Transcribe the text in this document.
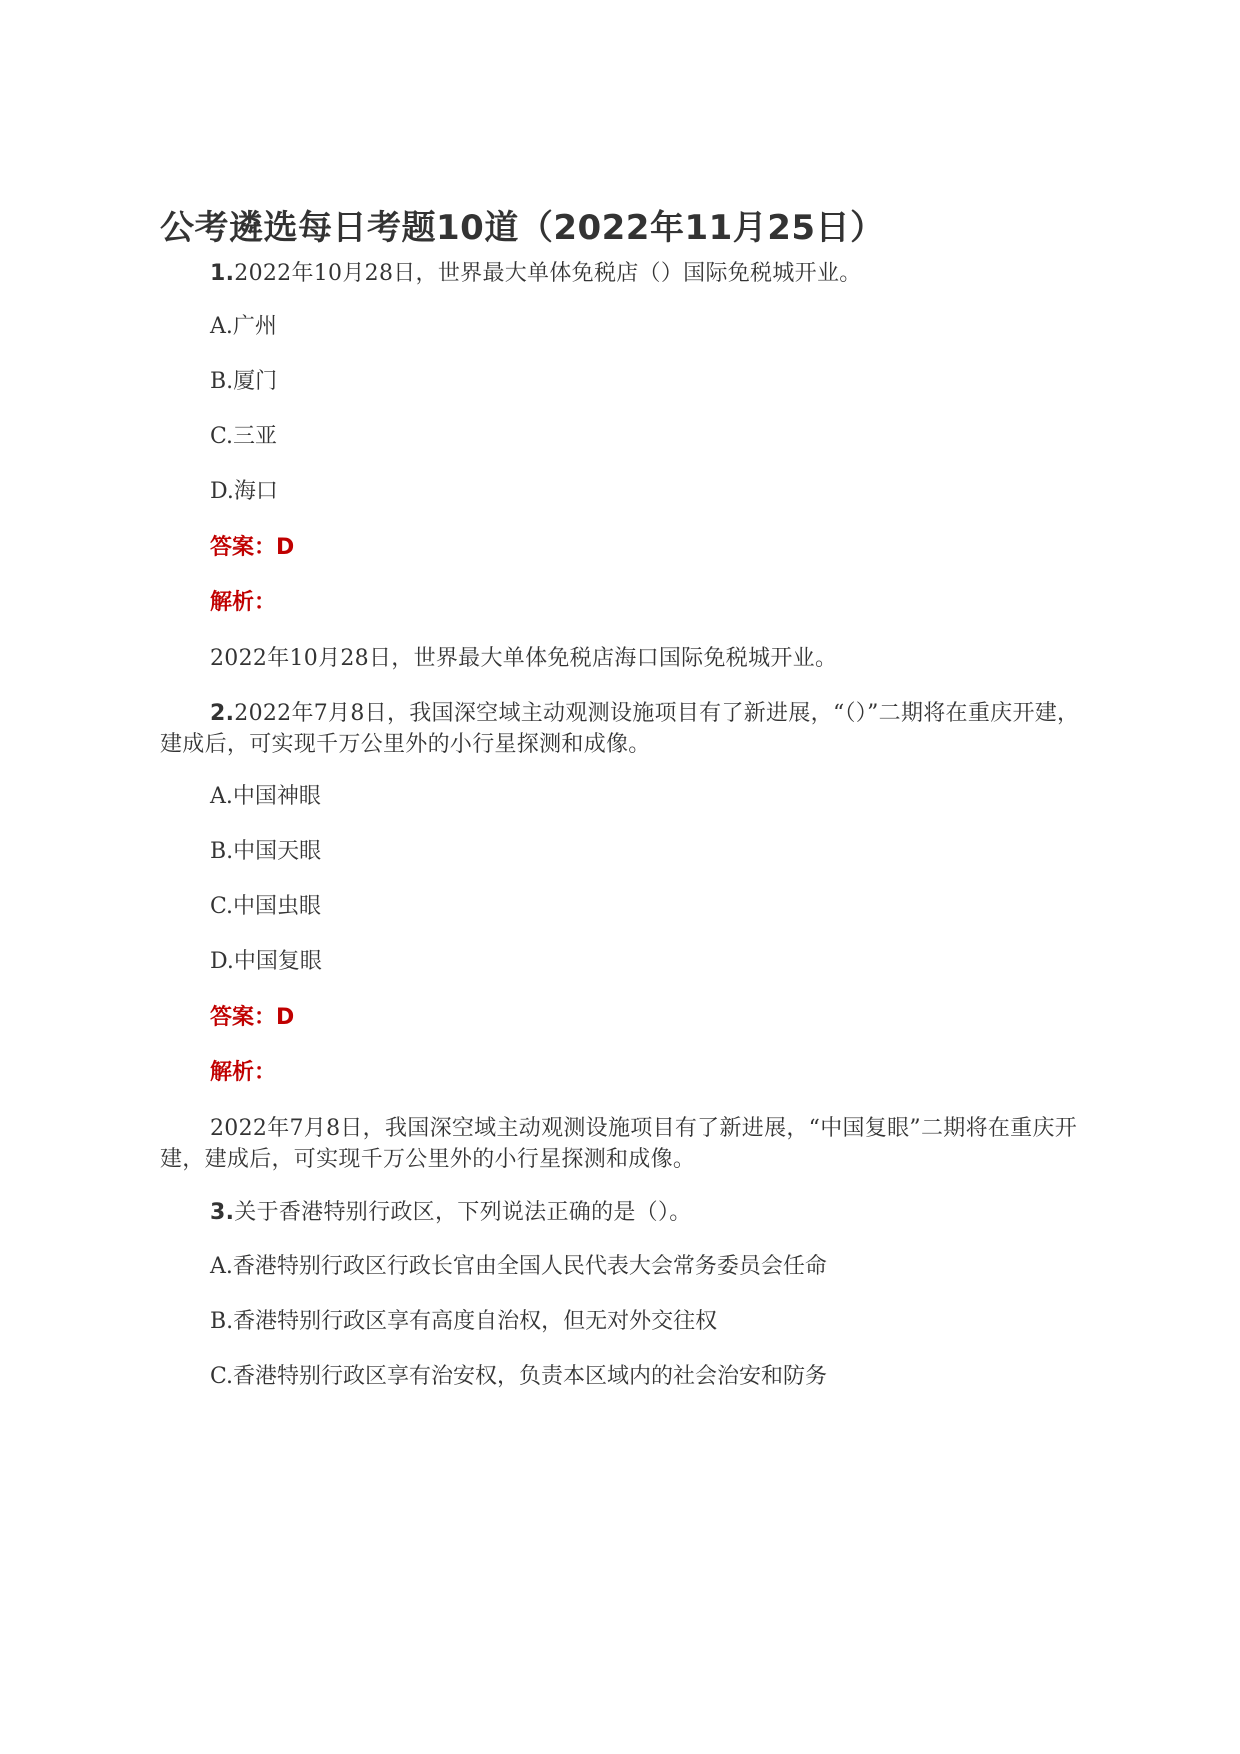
公考遴选每日考题10道（2022年11月25日）
1.2022年10月28日，世界最大单体免税店（）国际免税城开业。
A.广州
B.厦门
C.三亚
D.海口
答案：D
解析：
2022年10月28日，世界最大单体免税店海口国际免税城开业。
2.2022年7月8日，我国深空域主动观测设施项目有了新进展，“（）”二期将在重庆开建，建成后，可实现千万公里外的小行星探测和成像。
A.中国神眼
B.中国天眼
C.中国虫眼
D.中国复眼
答案：D
解析：
2022年7月8日，我国深空域主动观测设施项目有了新进展，“中国复眼”二期将在重庆开建，建成后，可实现千万公里外的小行星探测和成像。
3.关于香港特别行政区，下列说法正确的是（）。
A.香港特别行政区行政长官由全国人民代表大会常务委员会任命
B.香港特别行政区享有高度自治权，但无对外交往权
C.香港特别行政区享有治安权，负责本区域内的社会治安和防务
